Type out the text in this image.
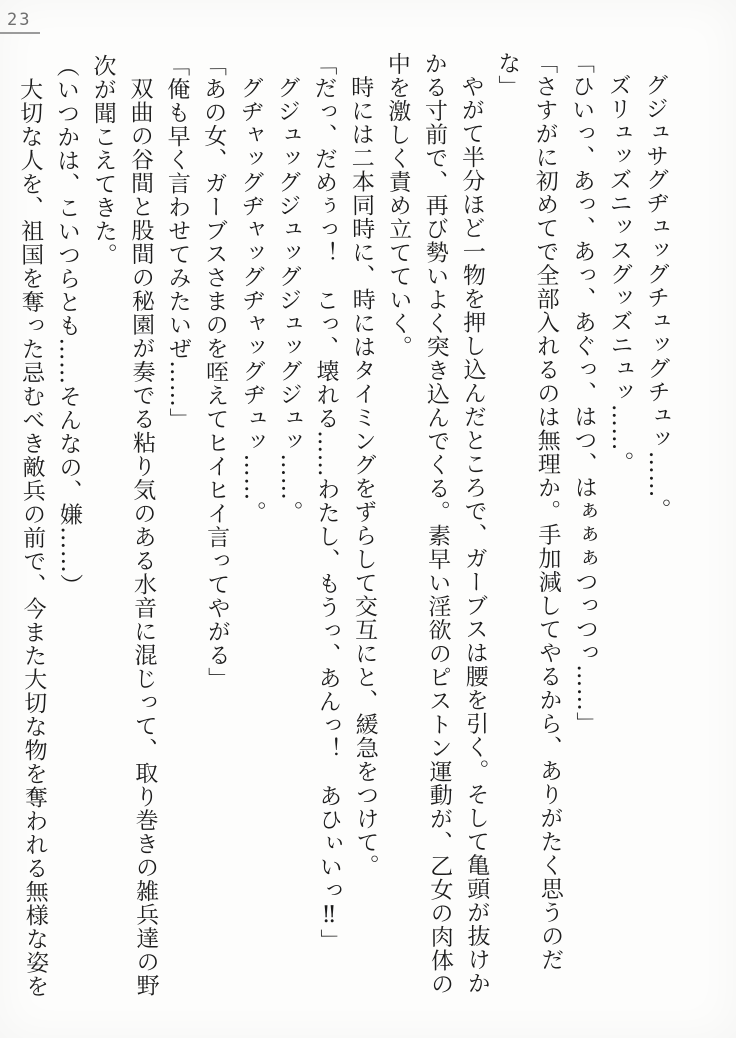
23

グジュサグヂュッグチュッグチュッ……。

ズリュッズニッスグッズニュッ……。

「ひいっ、あっ、あっ、あぐっ、はつ、はぁぁぁつっつっ……」

「さすがに初めてで全部入れるのは無理か。手加減してやるから、ありがたく思うのだな」

やがて半分ほど一物を押し込んだところで、ガーブスは腰を引く。そして亀頭が抜けかかる寸前で、再び勢いよく突き込んでくる。素早い淫欲のピストン運動が、乙女の肉体の中を激しく責め立てていく。

時には二本同時に、時にはタイミングをずらして交互にと、緩急をつけて。

「だっ、だめぅっ！　こっ、壊れる……わたし、もうっ、あんっ！　あひぃいっ‼」

グジュッグジュッグジュッグジュッ……。

グヂャッグヂャッグヂャッグヂュッ……。

「あの女、ガーブスさまのを咥えてヒイヒイ言ってやがる」

「俺も早く言わせてみたいぜ……」

双曲の谷間と股間の秘園が奏でる粘り気のある水音に混じって、取り巻きの雑兵達の野次が聞こえてきた。

（いつかは、こいつらとも……そんなの、嫌……）

大切な人を、祖国を奪った忌むべき敵兵の前で、今また大切な物を奪われる無様な姿を
